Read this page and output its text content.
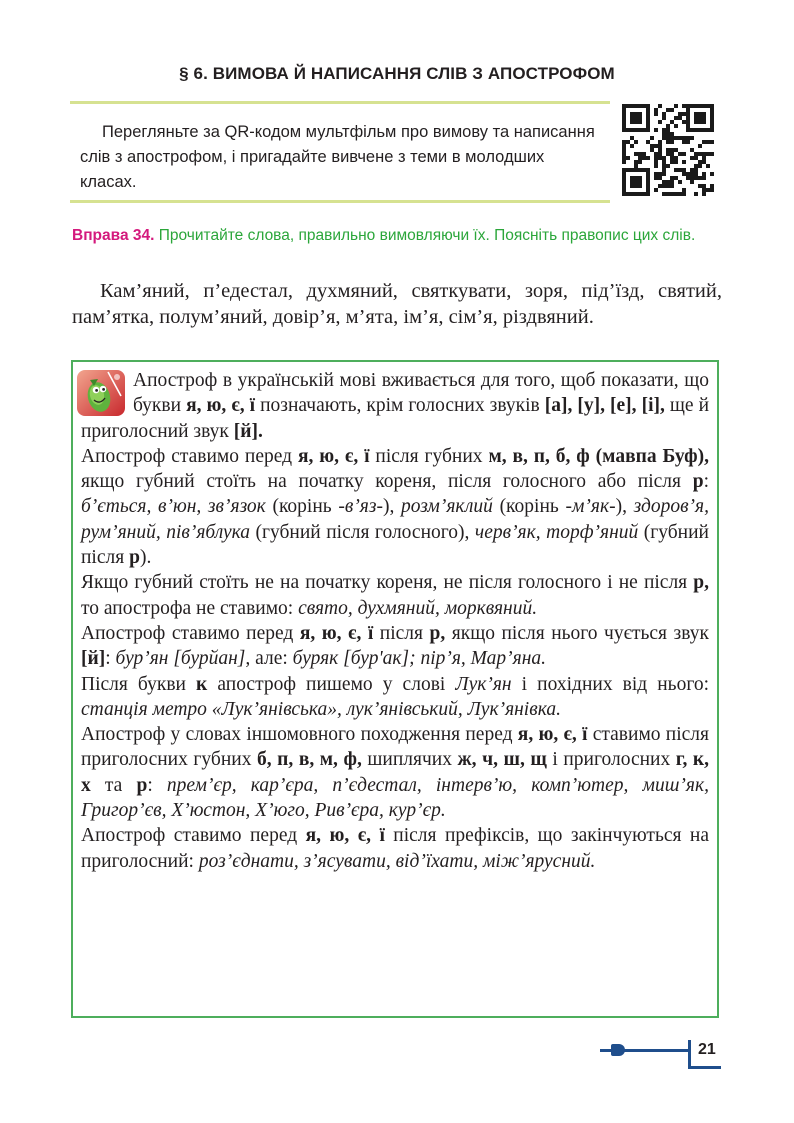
§ 6. ВИМОВА Й НАПИСАННЯ СЛІВ З АПОСТРОФОМ

Перегляньте за QR-кодом мультфільм про вимову та написання слів з апострофом, і пригадайте вивчене з теми в молодших класах.

Вправа 34. Прочитайте слова, правильно вимовляючи їх. Поясніть правопис цих слів.

Кам’яний, п’едестал, духмяний, святкувати, зоря, під’їзд, святий, пам’ятка, полум’яний, довір’я, м’ята, ім’я, сім’я, різдвяний.

Апостроф в українській мові вживається для того, щоб показати, що букви я, ю, є, ї позначають, крім голосних звуків [а], [у], [е], [і], ще й приголосний звук [й].

Апостроф ставимо перед я, ю, є, ї після губних м, в, п, б, ф (мавпа Буф), якщо губний стоїть на початку кореня, після голосного або після р: б’ється, в’юн, зв’язок (корінь -в’яз-), розм’яклий (корінь -м’як-), здоров’я, рум’яний, пів’яблука (губний після голосного), черв’як, торф’яний (губний після р).

Якщо губний стоїть не на початку кореня, не після голосного і не після р, то апострофа не ставимо: свято, духмяний, морквяний.

Апостроф ставимо перед я, ю, є, ї після р, якщо після нього чується звук [й]: бур’ян [бурйан], але: буряк [бур'ак]; пір’я, Мар’яна.

Після букви к апостроф пишемо у слові Лук’ян і похідних від нього: станція метро «Лук’янівська», лук’янівський, Лук’янівка.

Апостроф у словах іншомовного походження перед я, ю, є, ї ставимо після приголосних губних б, п, в, м, ф, шиплячих ж, ч, ш, щ і приголосних г, к, х та р: прем’єр, кар’єра, п’єдестал, інтерв’ю, комп’ютер, миш’як, Григор’єв, Х’юстон, Х’юго, Рив’єра, кур’єр.

Апостроф ставимо перед я, ю, є, ї після префіксів, що закінчуються на приголосний: роз’єднати, з’ясувати, від’їхати, між’ярусний.

21
